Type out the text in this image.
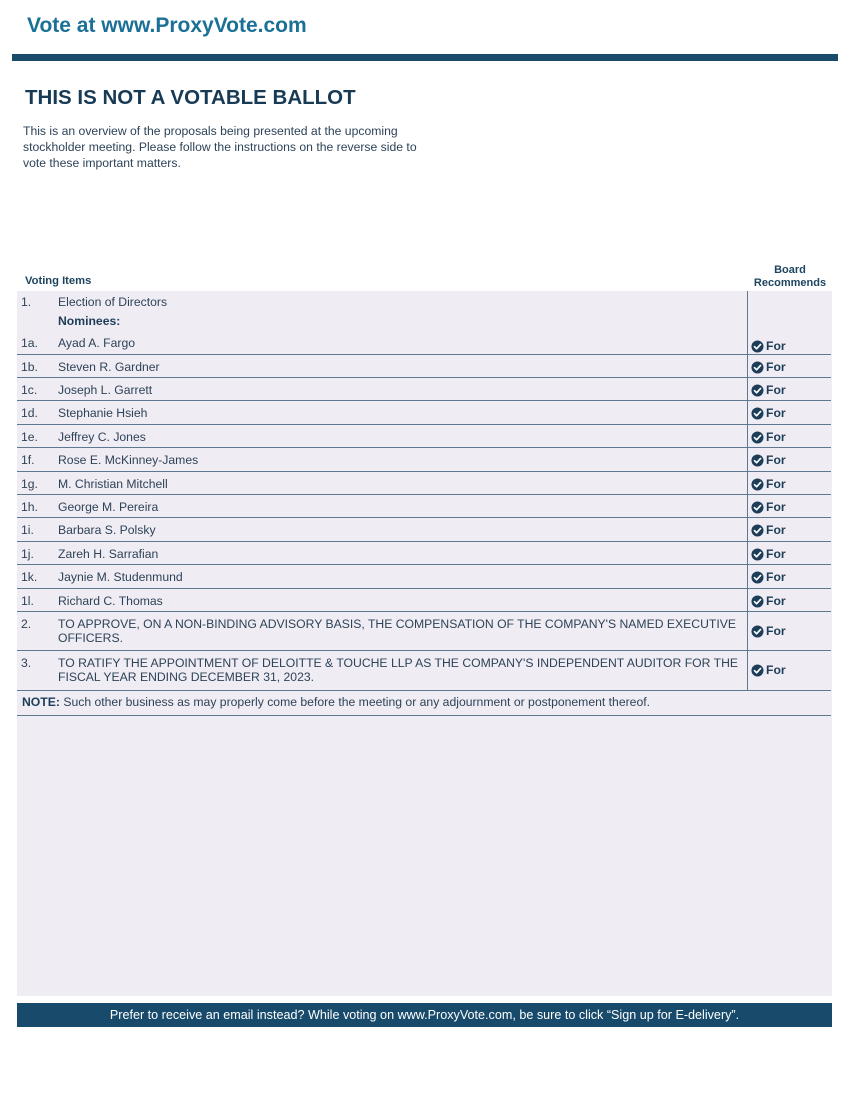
Vote at www.ProxyVote.com
THIS IS NOT A VOTABLE BALLOT
This is an overview of the proposals being presented at the upcoming stockholder meeting. Please follow the instructions on the reverse side to vote these important matters.
Voting Items
Board
Recommends
1. Election of Directors
Nominees:
1a. Ayad A. Fargo	For
1b. Steven R. Gardner	For
1c. Joseph L. Garrett	For
1d. Stephanie Hsieh	For
1e. Jeffrey C. Jones	For
1f. Rose E. McKinney-James	For
1g. M. Christian Mitchell	For
1h. George M. Pereira	For
1i. Barbara S. Polsky	For
1j. Zareh H. Sarrafian	For
1k. Jaynie M. Studenmund	For
1l. Richard C. Thomas	For
2. TO APPROVE, ON A NON-BINDING ADVISORY BASIS, THE COMPENSATION OF THE COMPANY'S NAMED EXECUTIVE OFFICERS.	For
3. TO RATIFY THE APPOINTMENT OF DELOITTE & TOUCHE LLP AS THE COMPANY'S INDEPENDENT AUDITOR FOR THE FISCAL YEAR ENDING DECEMBER 31, 2023.	For
NOTE: Such other business as may properly come before the meeting or any adjournment or postponement thereof.
Prefer to receive an email instead? While voting on www.ProxyVote.com, be sure to click “Sign up for E-delivery”.
